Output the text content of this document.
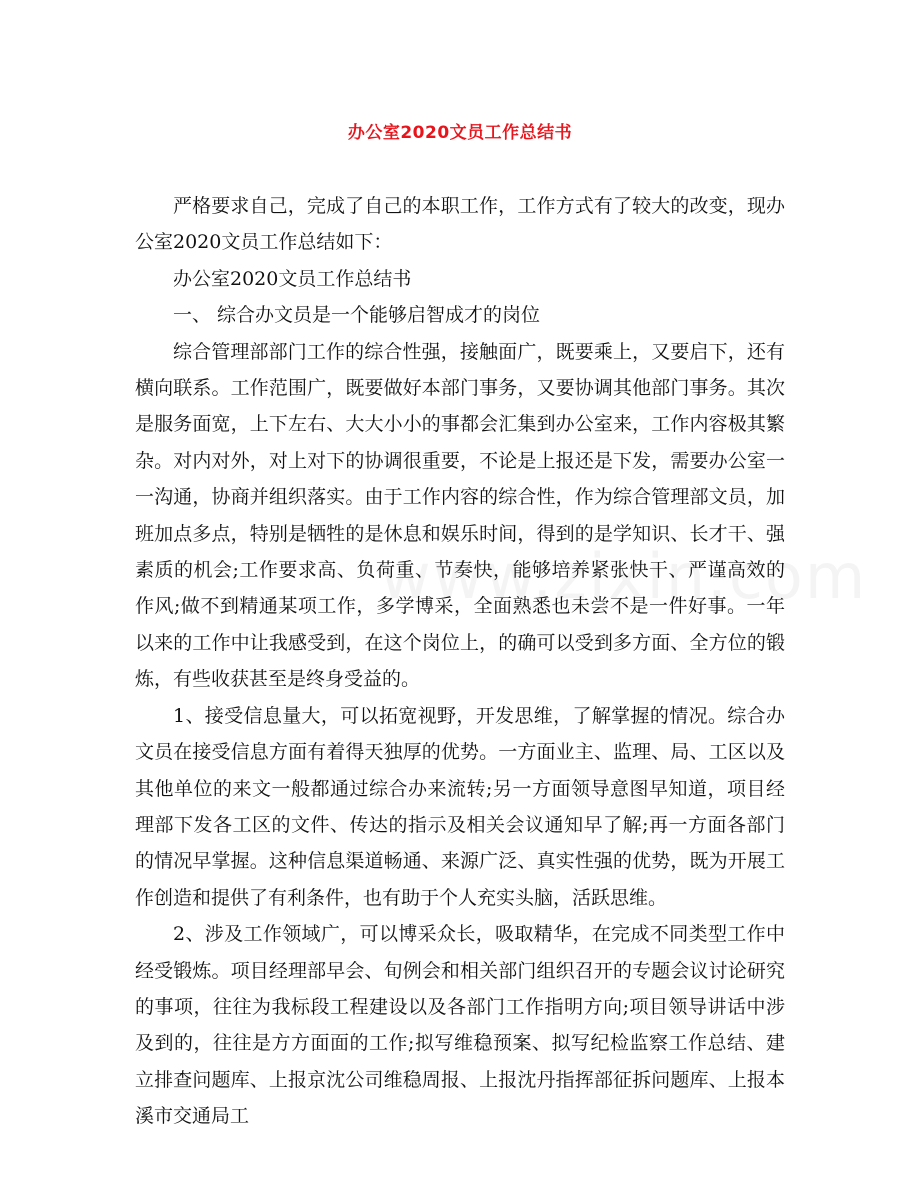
办公室2020文员工作总结书

严格要求自己，完成了自己的本职工作，工作方式有了较大的改变，现办公室2020文员工作总结如下：

办公室2020文员工作总结书

一、 综合办文员是一个能够启智成才的岗位

综合管理部部门工作的综合性强，接触面广，既要乘上，又要启下，还有横向联系。工作范围广，既要做好本部门事务，又要协调其他部门事务。其次是服务面宽，上下左右、大大小小的事都会汇集到办公室来，工作内容极其繁杂。对内对外，对上对下的协调很重要，不论是上报还是下发，需要办公室一一沟通，协商并组织落实。由于工作内容的综合性，作为综合管理部文员，加班加点多点，特别是牺牲的是休息和娱乐时间，得到的是学知识、长才干、强素质的机会;工作要求高、负荷重、节奏快，能够培养紧张快干、严谨高效的作风;做不到精通某项工作，多学博采，全面熟悉也未尝不是一件好事。一年以来的工作中让我感受到，在这个岗位上，的确可以受到多方面、全方位的锻炼，有些收获甚至是终身受益的。

1、接受信息量大，可以拓宽视野，开发思维，了解掌握的情况。综合办文员在接受信息方面有着得天独厚的优势。一方面业主、监理、局、工区以及其他单位的来文一般都通过综合办来流转;另一方面领导意图早知道，项目经理部下发各工区的文件、传达的指示及相关会议通知早了解;再一方面各部门的情况早掌握。这种信息渠道畅通、来源广泛、真实性强的优势，既为开展工作创造和提供了有利条件，也有助于个人充实头脑，活跃思维。

2、涉及工作领域广，可以博采众长，吸取精华，在完成不同类型工作中经受锻炼。项目经理部早会、旬例会和相关部门组织召开的专题会议讨论研究的事项，往往为我标段工程建设以及各部门工作指明方向;项目领导讲话中涉及到的，往往是方方面面的工作;拟写维稳预案、拟写纪检监察工作总结、建立排查问题库、上报京沈公司维稳周报、上报沈丹指挥部征拆问题库、上报本溪市交通局工
